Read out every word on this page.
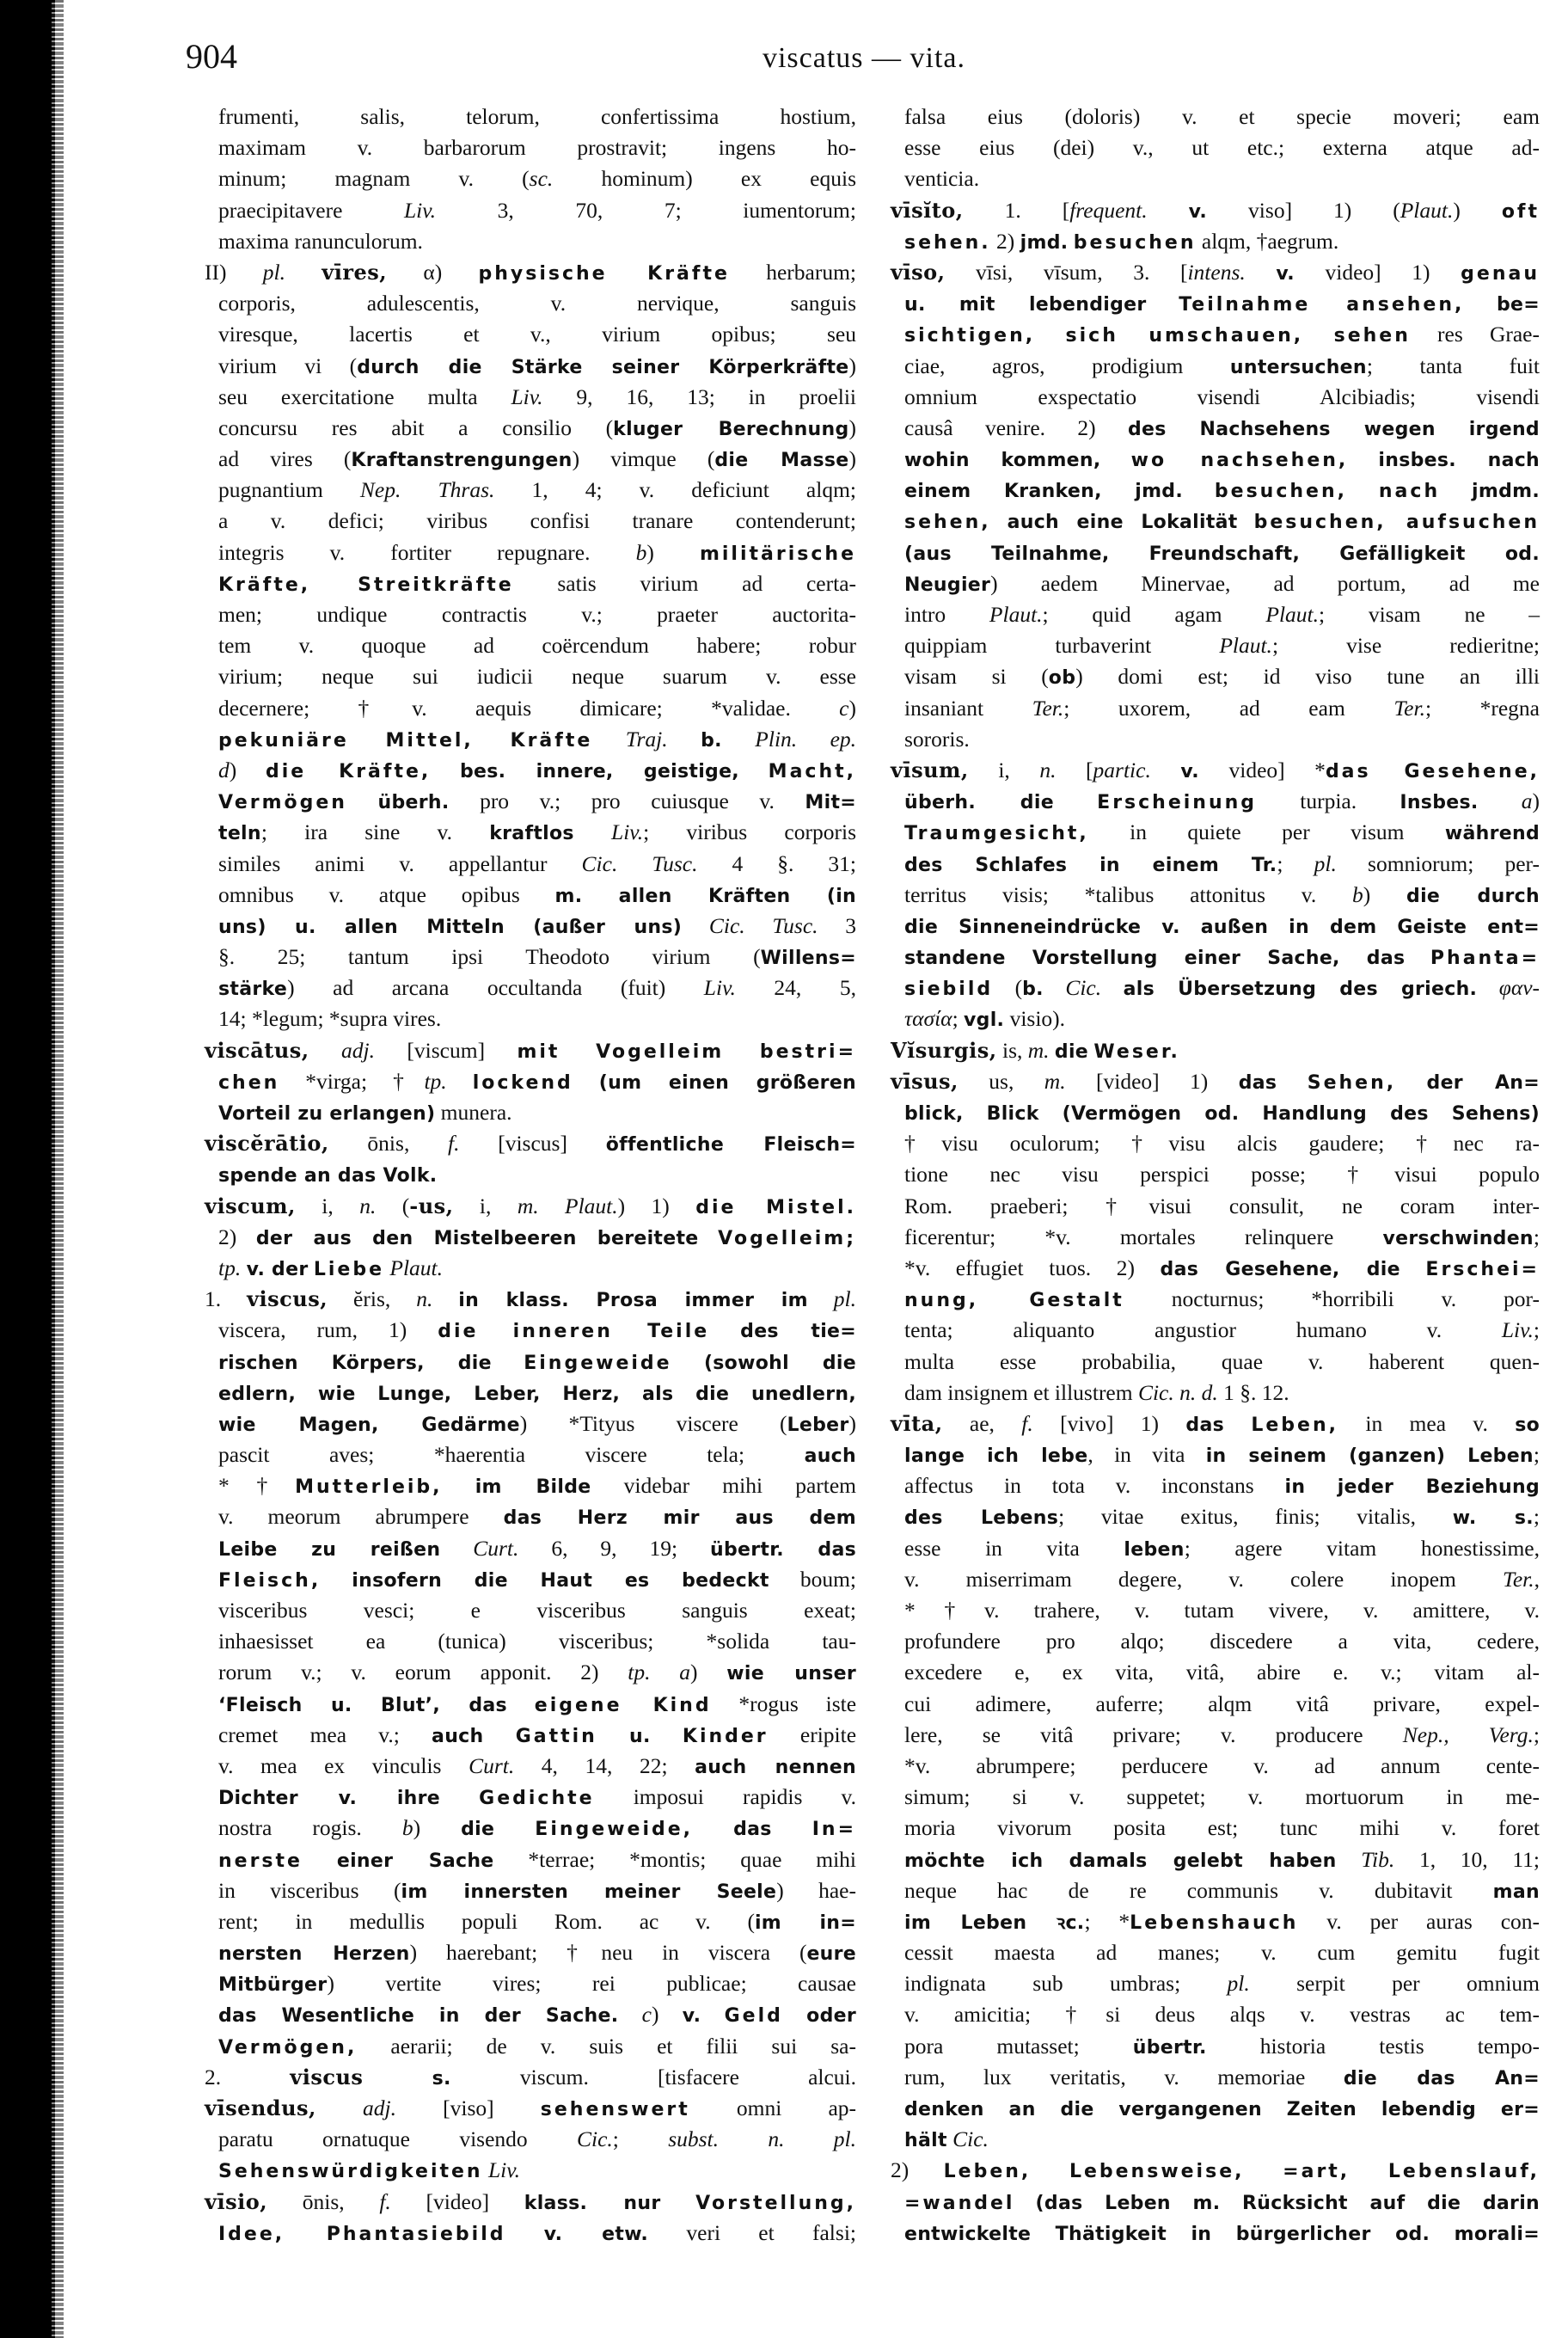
904	viscatus — vita.
frumenti, salis, telorum, confertissima hostium,
maximam v. barbarorum prostravit; ingens ho-
minum; magnam v. (sc. hominum) ex equis
praecipitavere Liv. 3, 70, 7; iumentorum;
maxima ranunculorum.
II) pl. vīres, α) physische Kräfte herbarum;
corporis, adulescentis, v. nervique, sanguis
viresque, lacertis et v., virium opibus; seu
virium vi (durch die Stärke seiner Körperkräfte)
seu exercitatione multa Liv. 9, 16, 13; in proelii
concursu res abit a consilio (kluger Berechnung)
ad vires (Kraftanstrengungen) vimque (die Masse)
pugnantium Nep. Thras. 1, 4; v. deficiunt alqm;
a v. defici; viribus confisi tranare contenderunt;
integris v. fortiter repugnare. b) militärische
Kräfte, Streitkräfte satis virium ad certa-
men; undique contractis v.; praeter auctorita-
tem v. quoque ad coërcendum habere; robur
virium; neque sui iudicii neque suarum v. esse
decernere; †v. aequis dimicare; *validae. c)
pekuniäre Mittel, Kräfte Traj. b. Plin. ep.
d) die Kräfte, bes. innere, geistige, Macht,
Vermögen überh. pro v.; pro cuiusque v. Mit=
teln; ira sine v. kraftlos Liv.; viribus corporis
similes animi v. appellantur Cic. Tusc. 4 §. 31;
omnibus v. atque opibus m. allen Kräften (in
uns) u. allen Mitteln (außer uns) Cic. Tusc. 3
§. 25; tantum ipsi Theodoto virium (Willens=
stärke) ad arcana occultanda (fuit) Liv. 24, 5,
14; *legum; *supra vires.
viscātus, adj. [viscum] mit Vogelleim bestri=
chen *virga; †tp. lockend (um einen größeren
Vorteil zu erlangen) munera.
viscĕrātio, ōnis, f. [viscus] öffentliche Fleisch=
spende an das Volk.
viscum, i, n. (-us, i, m. Plaut.) 1) die Mistel.
2) der aus den Mistelbeeren bereitete Vogelleim;
tp. v. der Liebe Plaut.
1. viscus, ĕris, n. in klass. Prosa immer im pl.
viscera, rum, 1) die inneren Teile des tie=
rischen Körpers, die Eingeweide (sowohl die
edlern, wie Lunge, Leber, Herz, als die unedlern,
wie Magen, Gedärme) *Tityus viscere (Leber)
pascit aves; *haerentia viscere tela; auch
*†Mutterleib, im Bilde videbar mihi partem
v. meorum abrumpere das Herz mir aus dem
Leibe zu reißen Curt. 6, 9, 19; übertr. das
Fleisch, insofern die Haut es bedeckt boum;
visceribus vesci; e visceribus sanguis exeat;
inhaesisset ea (tunica) visceribus; *solida tau-
rorum v.; v. eorum apponit. 2) tp. a) wie unser
‘Fleisch u. Blut’, das eigene Kind *rogus iste
cremet mea v.; auch Gattin u. Kinder eripite
v. mea ex vinculis Curt. 4, 14, 22; auch nennen
Dichter v. ihre Gedichte imposui rapidis v.
nostra rogis. b) die Eingeweide, das In=
nerste einer Sache *terrae; *montis; quae mihi
in visceribus (im innersten meiner Seele) hae-
rent; in medullis populi Rom. ac v. (im in=
nersten Herzen) haerebant; †neu in viscera (eure
Mitbürger) vertite vires; rei publicae; causae
das Wesentliche in der Sache. c) v. Geld oder
Vermögen, aerarii; de v. suis et filii sui sa-
2. viscus	s. viscum. [tisfacere alcui.
vīsendus, adj. [viso] sehenswert omni ap-
paratu ornatuque visendo Cic.; subst. n. pl.
Sehenswürdigkeiten Liv.
vīsio, ōnis, f. [video] klass. nur Vorstellung,
Idee, Phantasiebild v. etw. veri et falsi;
falsa eius (doloris) v. et specie moveri; eam
esse eius (dei) v., ut etc.; externa atque ad-
venticia.
vīsĭto, 1. [frequent. v. viso] 1) (Plaut.) oft
sehen. 2) jmd. besuchen alqm, †aegrum.
vīso, vīsi, vīsum, 3. [intens. v. video] 1) genau
u. mit lebendiger Teilnahme ansehen, be=
sichtigen, sich umschauen, sehen res Grae-
ciae, agros, prodigium untersuchen; tanta fuit
omnium exspectatio visendi Alcibiadis; visendi
causâ venire. 2) des Nachsehens wegen irgend
wohin kommen, wo nachsehen, insbes. nach
einem Kranken, jmd. besuchen, nach jmdm.
sehen, auch eine Lokalität besuchen, aufsuchen
(aus Teilnahme, Freundschaft, Gefälligkeit od.
Neugier) aedem Minervae, ad portum, ad me
intro Plaut.; quid agam Plaut.; visam ne –
quippiam turbaverint Plaut.; vise redieritne;
visam si (ob) domi est; id viso tune an illi
insaniant Ter.; uxorem, ad eam Ter.; *regna
sororis.
vīsum, i, n. [partic. v. video] *das Gesehene,
überh. die Erscheinung turpia. Insbes. a)
Traumgesicht, in quiete per visum während
des Schlafes in einem Tr.; pl. somniorum; per-
territus visis; *talibus attonitus v. b) die durch
die Sinneneindrücke v. außen in dem Geiste ent=
standene Vorstellung einer Sache, das Phanta=
siebild (b. Cic. als Übersetzung des griech. φαν-
τασία; vgl. visio).
Vĭsurgis, is, m. die Weser.
vīsus, us, m. [video] 1) das Sehen, der An=
blick, Blick (Vermögen od. Handlung des Sehens)
†visu oculorum; †visu alcis gaudere; †nec ra-
tione nec visu perspici posse; †visui populo
Rom. praeberi; †visui consulit, ne coram inter-
ficerentur; *v. mortales relinquere verschwinden;
*v. effugiet tuos. 2) das Gesehene, die Erschei=
nung, Gestalt nocturnus; *horribili v. por-
tenta; aliquanto angustior humano v. Liv.;
multa esse probabilia, quae v. haberent quen-
dam insignem et illustrem Cic. n. d. 1 §. 12.
vīta, ae, f. [vivo] 1) das Leben, in mea v. so
lange ich lebe, in vita in seinem (ganzen) Leben;
affectus in tota v. inconstans in jeder Beziehung
des Lebens; vitae exitus, finis; vitalis, w. s.;
esse in vita leben; agere vitam honestissime,
v. miserrimam degere, v. colere inopem Ter.,
*†v. trahere, v. tutam vivere, v. amittere, v.
profundere pro alqo; discedere a vita, cedere,
excedere e, ex vita, vitâ, abire e. v.; vitam al-
cui adimere, auferre; alqm vitâ privare, expel-
lere, se vitâ privare; v. producere Nep., Verg.;
*v. abrumpere; perducere v. ad annum cente-
simum; si v. suppetet; v. mortuorum in me-
moria vivorum posita est; tunc mihi v. foret
möchte ich damals gelebt haben Tib. 1, 10, 11;
neque hac de re communis v. dubitavit man
im Leben ꝛc.; *Lebenshauch v. per auras con-
cessit maesta ad manes; v. cum gemitu fugit
indignata sub umbras; pl. serpit per omnium
v. amicitia; †si deus alqs v. vestras ac tem-
pora mutasset; übertr. historia testis tempo-
rum, lux veritatis, v. memoriae die das An=
denken an die vergangenen Zeiten lebendig er=
hält Cic.
2) Leben, Lebensweise, =art, Lebenslauf,
=wandel (das Leben m. Rücksicht auf die darin
entwickelte Thätigkeit in bürgerlicher od. morali=
